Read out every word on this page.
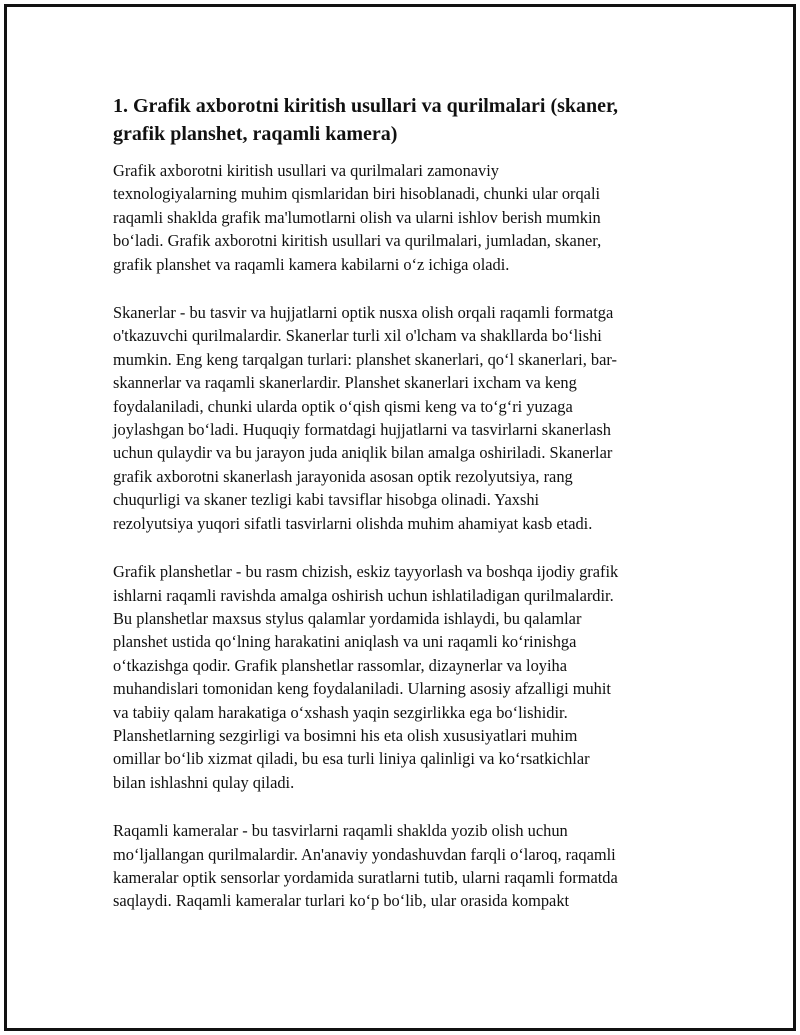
1. Grafik axborotni kiritish usullari va qurilmalari (skaner,
grafik planshet, raqamli kamera)
Grafik axborotni kiritish usullari va qurilmalari zamonaviy
texnologiyalarning muhim qismlaridan biri hisoblanadi, chunki ular orqali
raqamli shaklda grafik ma'lumotlarni olish va ularni ishlov berish mumkin
bo‘ladi. Grafik axborotni kiritish usullari va qurilmalari, jumladan, skaner,
grafik planshet va raqamli kamera kabilarni o‘z ichiga oladi.
Skanerlar - bu tasvir va hujjatlarni optik nusxa olish orqali raqamli formatga
o'tkazuvchi qurilmalardir. Skanerlar turli xil o'lcham va shakllarda bo‘lishi
mumkin. Eng keng tarqalgan turlari: planshet skanerlari, qo‘l skanerlari, bar-
skannerlar va raqamli skanerlardir. Planshet skanerlari ixcham va keng
foydalaniladi, chunki ularda optik o‘qish qismi keng va to‘g‘ri yuzaga
joylashgan bo‘ladi. Huquqiy formatdagi hujjatlarni va tasvirlarni skanerlash
uchun qulaydir va bu jarayon juda aniqlik bilan amalga oshiriladi. Skanerlar
grafik axborotni skanerlash jarayonida asosan optik rezolyutsiya, rang
chuqurligi va skaner tezligi kabi tavsiflar hisobga olinadi. Yaxshi
rezolyutsiya yuqori sifatli tasvirlarni olishda muhim ahamiyat kasb etadi.
Grafik planshetlar - bu rasm chizish, eskiz tayyorlash va boshqa ijodiy grafik
ishlarni raqamli ravishda amalga oshirish uchun ishlatiladigan qurilmalardir.
Bu planshetlar maxsus stylus qalamlar yordamida ishlaydi, bu qalamlar
planshet ustida qo‘lning harakatini aniqlash va uni raqamli ko‘rinishga
o‘tkazishga qodir. Grafik planshetlar rassomlar, dizaynerlar va loyiha
muhandislari tomonidan keng foydalaniladi. Ularning asosiy afzalligi muhit
va tabiiy qalam harakatiga o‘xshash yaqin sezgirlikka ega bo‘lishidir.
Planshetlarning sezgirligi va bosimni his eta olish xususiyatlari muhim
omillar bo‘lib xizmat qiladi, bu esa turli liniya qalinligi va ko‘rsatkichlar
bilan ishlashni qulay qiladi.
Raqamli kameralar - bu tasvirlarni raqamli shaklda yozib olish uchun
mo‘ljallangan qurilmalardir. An'anaviy yondashuvdan farqli o‘laroq, raqamli
kameralar optik sensorlar yordamida suratlarni tutib, ularni raqamli formatda
saqlaydi. Raqamli kameralar turlari ko‘p bo‘lib, ular orasida kompakt
